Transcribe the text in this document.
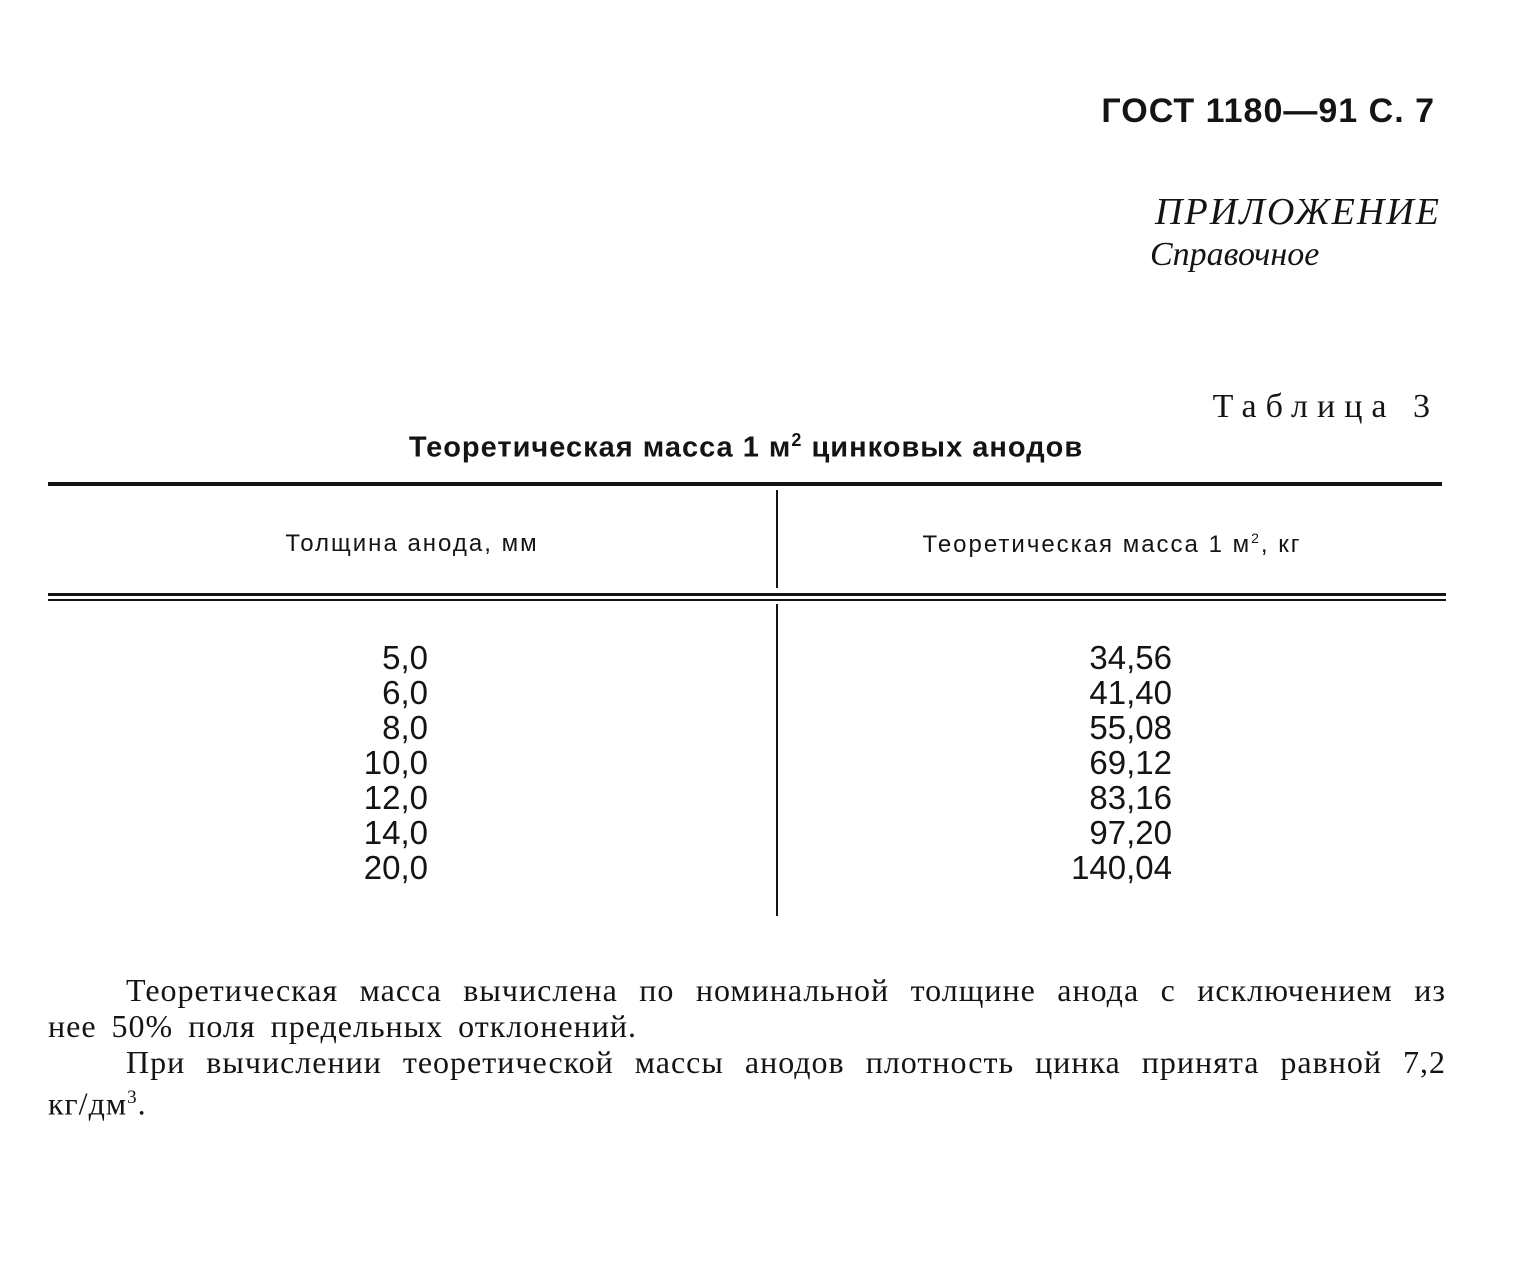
ГОСТ 1180—91 С. 7
ПРИЛОЖЕНИЕ
Справочное
Таблица 3
Теоретическая масса 1 $м^2$ цинковых анодов
Толщина анода, мм	Теоретическая масса 1 $м^2$, кг
5,0
6,0
8,0
10,0
12,0
14,0
20,0
34,56
41,40
55,08
69,12
83,16
97,20
140,04

Теоретическая масса вычислена по номинальной толщине анода с исключением из нее 50% поля предельных отклонений.

При вычислении теоретической массы анодов плотность цинка принята равной 7,2 $кг/дм^3$.
